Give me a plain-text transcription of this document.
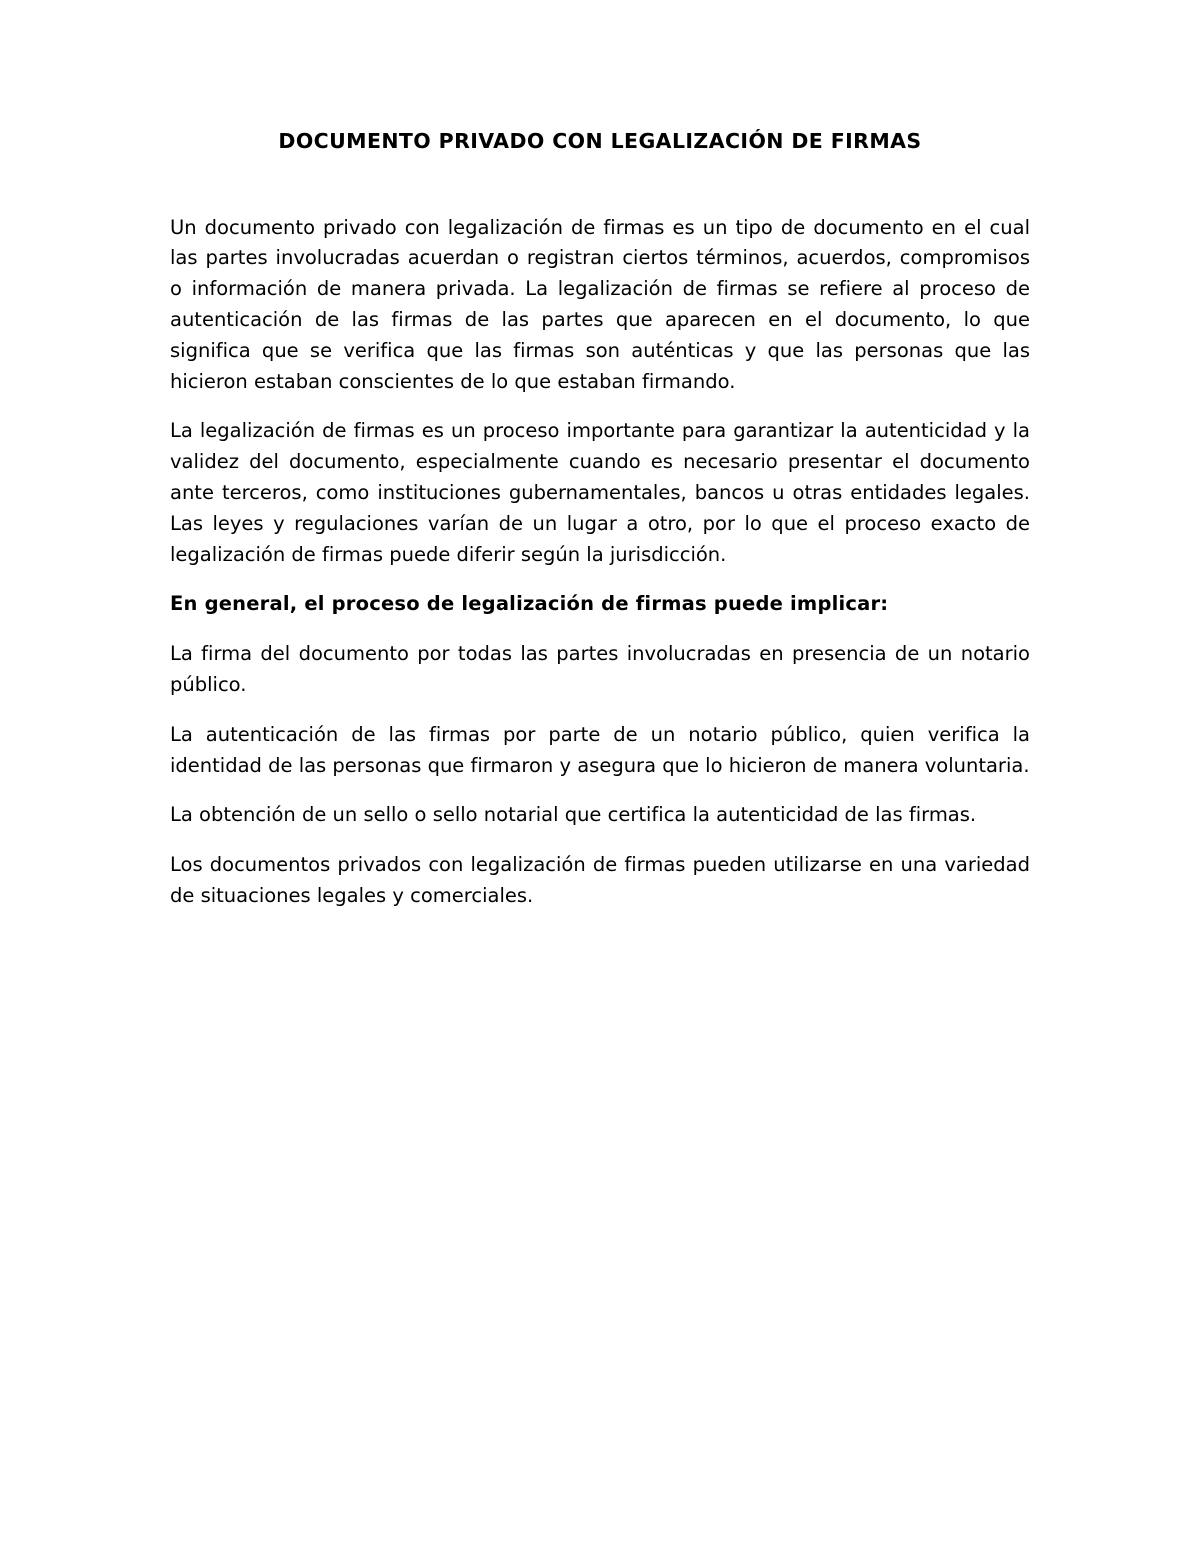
DOCUMENTO PRIVADO CON LEGALIZACIÓN DE FIRMAS

Un documento privado con legalización de firmas es un tipo de documento en el cual las partes involucradas acuerdan o registran ciertos términos, acuerdos, compromisos o información de manera privada. La legalización de firmas se refiere al proceso de autenticación de las firmas de las partes que aparecen en el documento, lo que significa que se verifica que las firmas son auténticas y que las personas que las hicieron estaban conscientes de lo que estaban firmando.

La legalización de firmas es un proceso importante para garantizar la autenticidad y la validez del documento, especialmente cuando es necesario presentar el documento ante terceros, como instituciones gubernamentales, bancos u otras entidades legales. Las leyes y regulaciones varían de un lugar a otro, por lo que el proceso exacto de legalización de firmas puede diferir según la jurisdicción.

En general, el proceso de legalización de firmas puede implicar:

La firma del documento por todas las partes involucradas en presencia de un notario público.

La autenticación de las firmas por parte de un notario público, quien verifica la identidad de las personas que firmaron y asegura que lo hicieron de manera voluntaria.

La obtención de un sello o sello notarial que certifica la autenticidad de las firmas.

Los documentos privados con legalización de firmas pueden utilizarse en una variedad de situaciones legales y comerciales.
